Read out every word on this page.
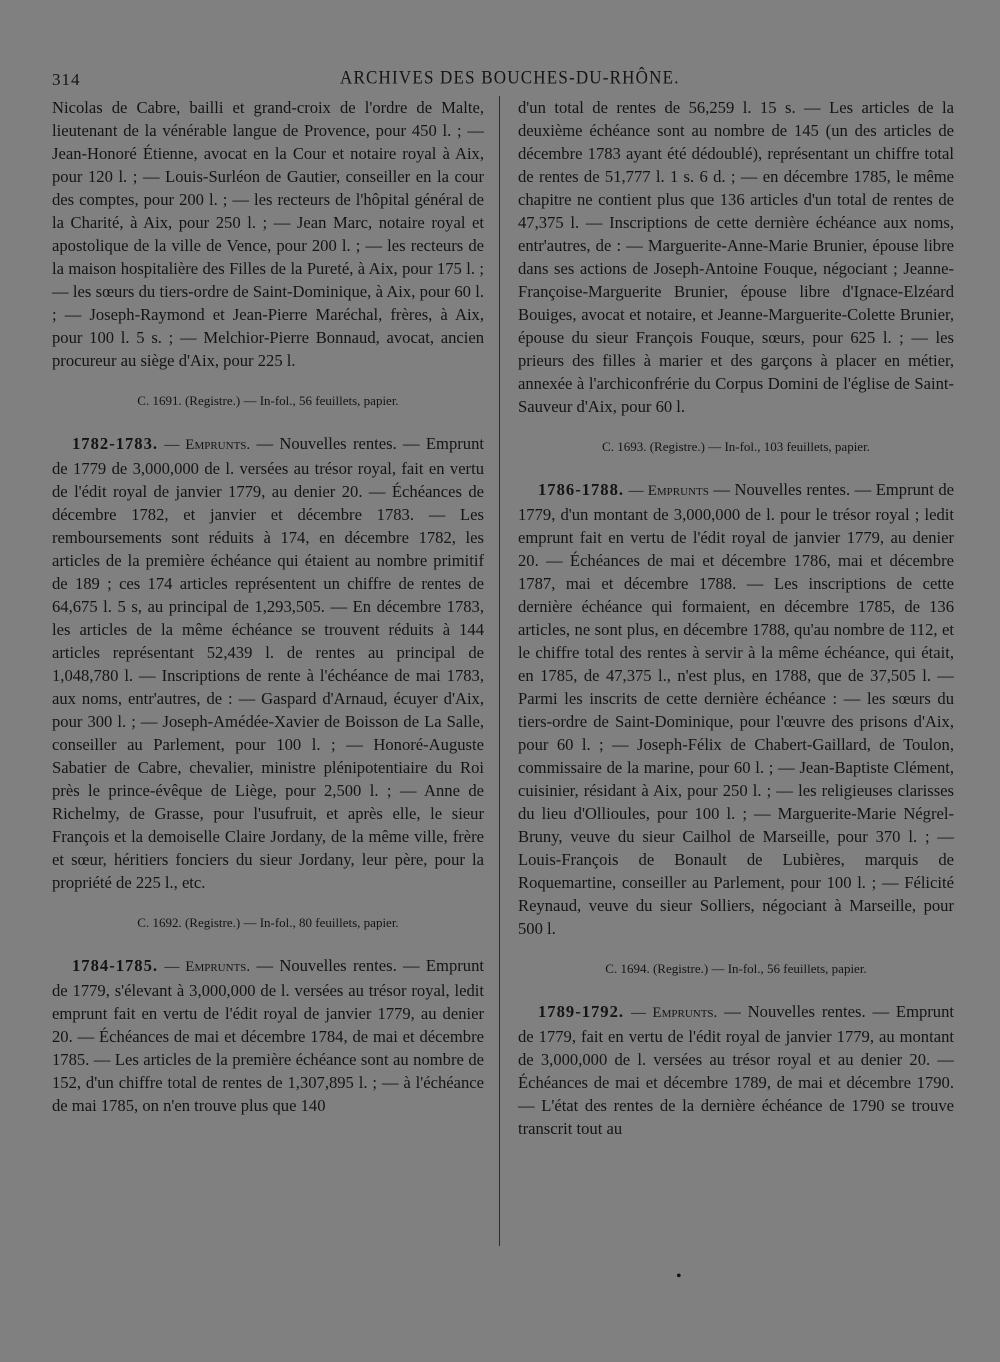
314	ARCHIVES DES BOUCHES-DU-RHÔNE.

Nicolas de Cabre, bailli et grand-croix de l'ordre de Malte, lieutenant de la vénérable langue de Provence, pour 450 l. ; — Jean-Honoré Étienne, avocat en la Cour et notaire royal à Aix, pour 120 l. ; — Louis-Surléon de Gautier, conseiller en la cour des comptes, pour 200 l. ; — les recteurs de l'hôpital général de la Charité, à Aix, pour 250 l. ; — Jean Marc, notaire royal et apostolique de la ville de Vence, pour 200 l. ; — les recteurs de la maison hospitalière des Filles de la Pureté, à Aix, pour 175 l. ; — les sœurs du tiers-ordre de Saint-Dominique, à Aix, pour 60 l. ; — Joseph-Raymond et Jean-Pierre Maréchal, frères, à Aix, pour 100 l. 5 s. ; — Melchior-Pierre Bonnaud, avocat, ancien procureur au siège d'Aix, pour 225 l.

C. 1691. (Registre.) — In-fol., 56 feuillets, papier.

1782-1783. — Emprunts. — Nouvelles rentes. — Emprunt de 1779 de 3,000,000 de l. versées au trésor royal, fait en vertu de l'édit royal de janvier 1779, au denier 20. — Échéances de décembre 1782, et janvier et décembre 1783. — Les remboursements sont réduits à 174, en décembre 1782, les articles de la première échéance qui étaient au nombre primitif de 189 ; ces 174 articles représentent un chiffre de rentes de 64,675 l. 5 s, au principal de 1,293,505. — En décembre 1783, les articles de la même échéance se trouvent réduits à 144 articles représentant 52,439 l. de rentes au principal de 1,048,780 l. — Inscriptions de rente à l'échéance de mai 1783, aux noms, entr'autres, de : — Gaspard d'Arnaud, écuyer d'Aix, pour 300 l. ; — Joseph-Amédée-Xavier de Boisson de La Salle, conseiller au Parlement, pour 100 l. ; — Honoré-Auguste Sabatier de Cabre, chevalier, ministre plénipotentiaire du Roi près le prince-évêque de Liège, pour 2,500 l. ; — Anne de Richelmy, de Grasse, pour l'usufruit, et après elle, le sieur François et la demoiselle Claire Jordany, de la même ville, frère et sœur, héritiers fonciers du sieur Jordany, leur père, pour la propriété de 225 l., etc.

C. 1692. (Registre.) — In-fol., 80 feuillets, papier.

1784-1785. — Emprunts. — Nouvelles rentes. — Emprunt de 1779, s'élevant à 3,000,000 de l. versées au trésor royal, ledit emprunt fait en vertu de l'édit royal de janvier 1779, au denier 20. — Échéances de mai et décembre 1784, de mai et décembre 1785. — Les articles de la première échéance sont au nombre de 152, d'un chiffre total de rentes de 1,307,895 l. ; — à l'échéance de mai 1785, on n'en trouve plus que 140

d'un total de rentes de 56,259 l. 15 s. — Les articles de la deuxième échéance sont au nombre de 145 (un des articles de décembre 1783 ayant été dédoublé), représentant un chiffre total de rentes de 51,777 l. 1 s. 6 d. ; — en décembre 1785, le même chapitre ne contient plus que 136 articles d'un total de rentes de 47,375 l. — Inscriptions de cette dernière échéance aux noms, entr'autres, de : — Marguerite-Anne-Marie Brunier, épouse libre dans ses actions de Joseph-Antoine Fouque, négociant ; Jeanne-Françoise-Marguerite Brunier, épouse libre d'Ignace-Elzéard Bouiges, avocat et notaire, et Jeanne-Marguerite-Colette Brunier, épouse du sieur François Fouque, sœurs, pour 625 l. ; — les prieurs des filles à marier et des garçons à placer en métier, annexée à l'archiconfrérie du Corpus Domini de l'église de Saint-Sauveur d'Aix, pour 60 l.

C. 1693. (Registre.) — In-fol., 103 feuillets, papier.

1786-1788. — Emprunts — Nouvelles rentes. — Emprunt de 1779, d'un montant de 3,000,000 de l. pour le trésor royal ; ledit emprunt fait en vertu de l'édit royal de janvier 1779, au denier 20. — Échéances de mai et décembre 1786, mai et décembre 1787, mai et décembre 1788. — Les inscriptions de cette dernière échéance qui formaient, en décembre 1785, de 136 articles, ne sont plus, en décembre 1788, qu'au nombre de 112, et le chiffre total des rentes à servir à la même échéance, qui était, en 1785, de 47,375 l., n'est plus, en 1788, que de 37,505 l. — Parmi les inscrits de cette dernière échéance : — les sœurs du tiers-ordre de Saint-Dominique, pour l'œuvre des prisons d'Aix, pour 60 l. ; — Joseph-Félix de Chabert-Gaillard, de Toulon, commissaire de la marine, pour 60 l. ; — Jean-Baptiste Clément, cuisinier, résidant à Aix, pour 250 l. ; — les religieuses clarisses du lieu d'Ollioules, pour 100 l. ; — Marguerite-Marie Négrel-Bruny, veuve du sieur Cailhol de Marseille, pour 370 l. ; — Louis-François de Bonault de Lubières, marquis de Roquemartine, conseiller au Parlement, pour 100 l. ; — Félicité Reynaud, veuve du sieur Solliers, négociant à Marseille, pour 500 l.

C. 1694. (Registre.) — In-fol., 56 feuillets, papier.

1789-1792. — Emprunts. — Nouvelles rentes. — Emprunt de 1779, fait en vertu de l'édit royal de janvier 1779, au montant de 3,000,000 de l. versées au trésor royal et au denier 20. — Échéances de mai et décembre 1789, de mai et décembre 1790. — L'état des rentes de la dernière échéance de 1790 se trouve transcrit tout au

•
